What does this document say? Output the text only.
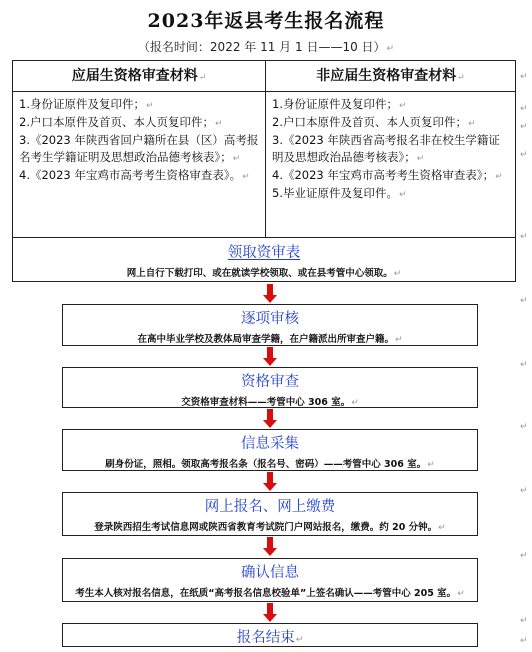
2023年返县考生报名流程
（报名时间：2022 年 11 月 1 日——10 日）↵
应届生资格审查材料↵
1.身份证原件及复印件；↵
2.户口本原件及首页、本人页复印件；↵
3.《2023 年陕西省回户籍所在县（区）高考报名考生学籍证明及思想政治品德考核表》；↵
4.《2023 年宝鸡市高考考生资格审查表》。↵
非应届生资格审查材料↵
1.身份证原件及复印件；↵
2.户口本原件及首页、本人页复印件；↵
3.《2023 年陕西省高考报名非在校生学籍证明及思想政治品德考核表》；↵
4.《2023 年宝鸡市高考考生资格审查表》；↵
5.毕业证原件及复印件。↵
领取资审表
网上自行下载打印、或在就读学校领取、或在县考管中心领取。↵
↵
↵
↵
↵
↵
逐项审核
在高中毕业学校及教体局审查学籍，在户籍派出所审查户籍。↵
资格审查
交资格审查材料——考管中心 306 室。↵
信息采集
刷身份证，照相。领取高考报名条（报名号、密码）——考管中心 306 室。↵
网上报名、网上缴费
登录陕西招生考试信息网或陕西省教育考试院门户网站报名，缴费。约 20 分钟。↵
确认信息
考生本人核对报名信息，在纸质“高考报名信息校验单”上签名确认——考管中心 205 室。↵
报名结束↵
↵
↵
↵
↵
↵
↵
↵
